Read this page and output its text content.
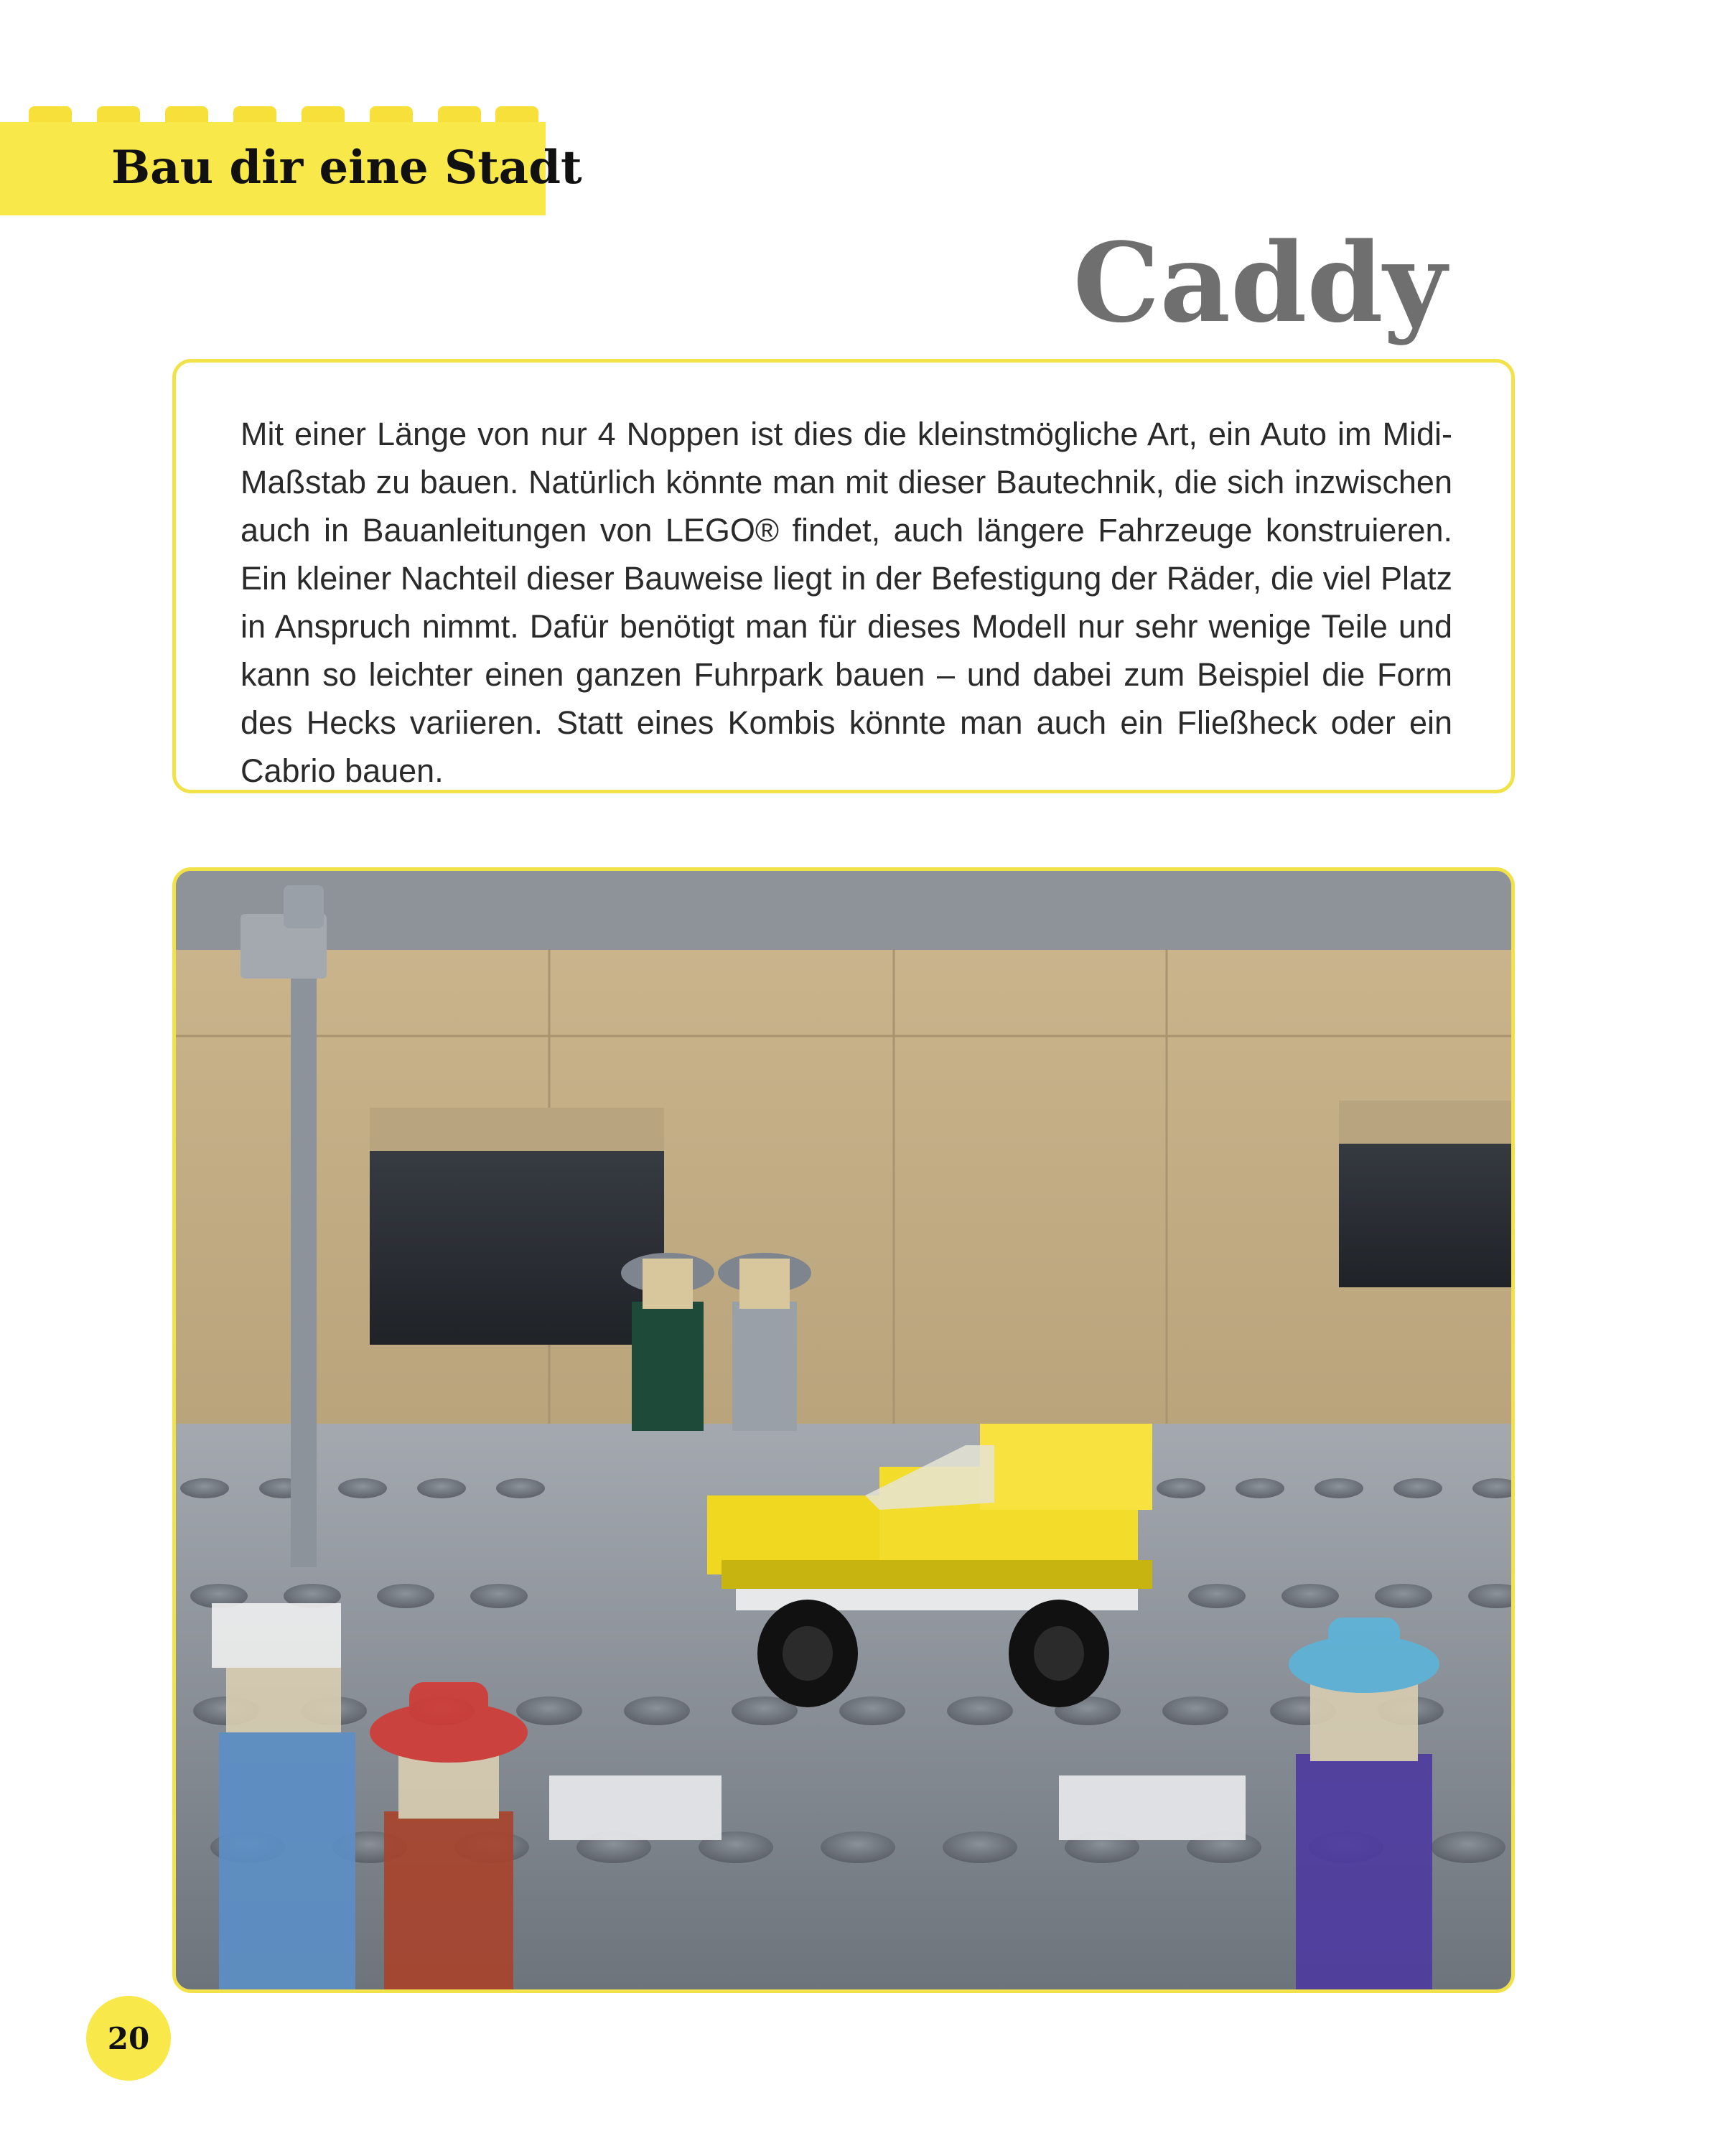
Bau dir eine Stadt
Caddy

Mit einer Länge von nur 4 Noppen ist dies die kleinstmögliche Art, ein Auto im Midi-Maßstab zu bauen. Natürlich könnte man mit dieser Bautechnik, die sich inzwischen auch in Bauanleitungen von LEGO® findet, auch längere Fahrzeuge konstruieren. Ein kleiner Nachteil dieser Bauweise liegt in der Befestigung der Räder, die viel Platz in Anspruch nimmt. Dafür benötigt man für dieses Modell nur sehr wenige Teile und kann so leichter einen ganzen Fuhrpark bauen – und dabei zum Beispiel die Form des Hecks variieren. Statt eines Kombis könnte man auch ein Fließheck oder ein Cabrio bauen.

20
